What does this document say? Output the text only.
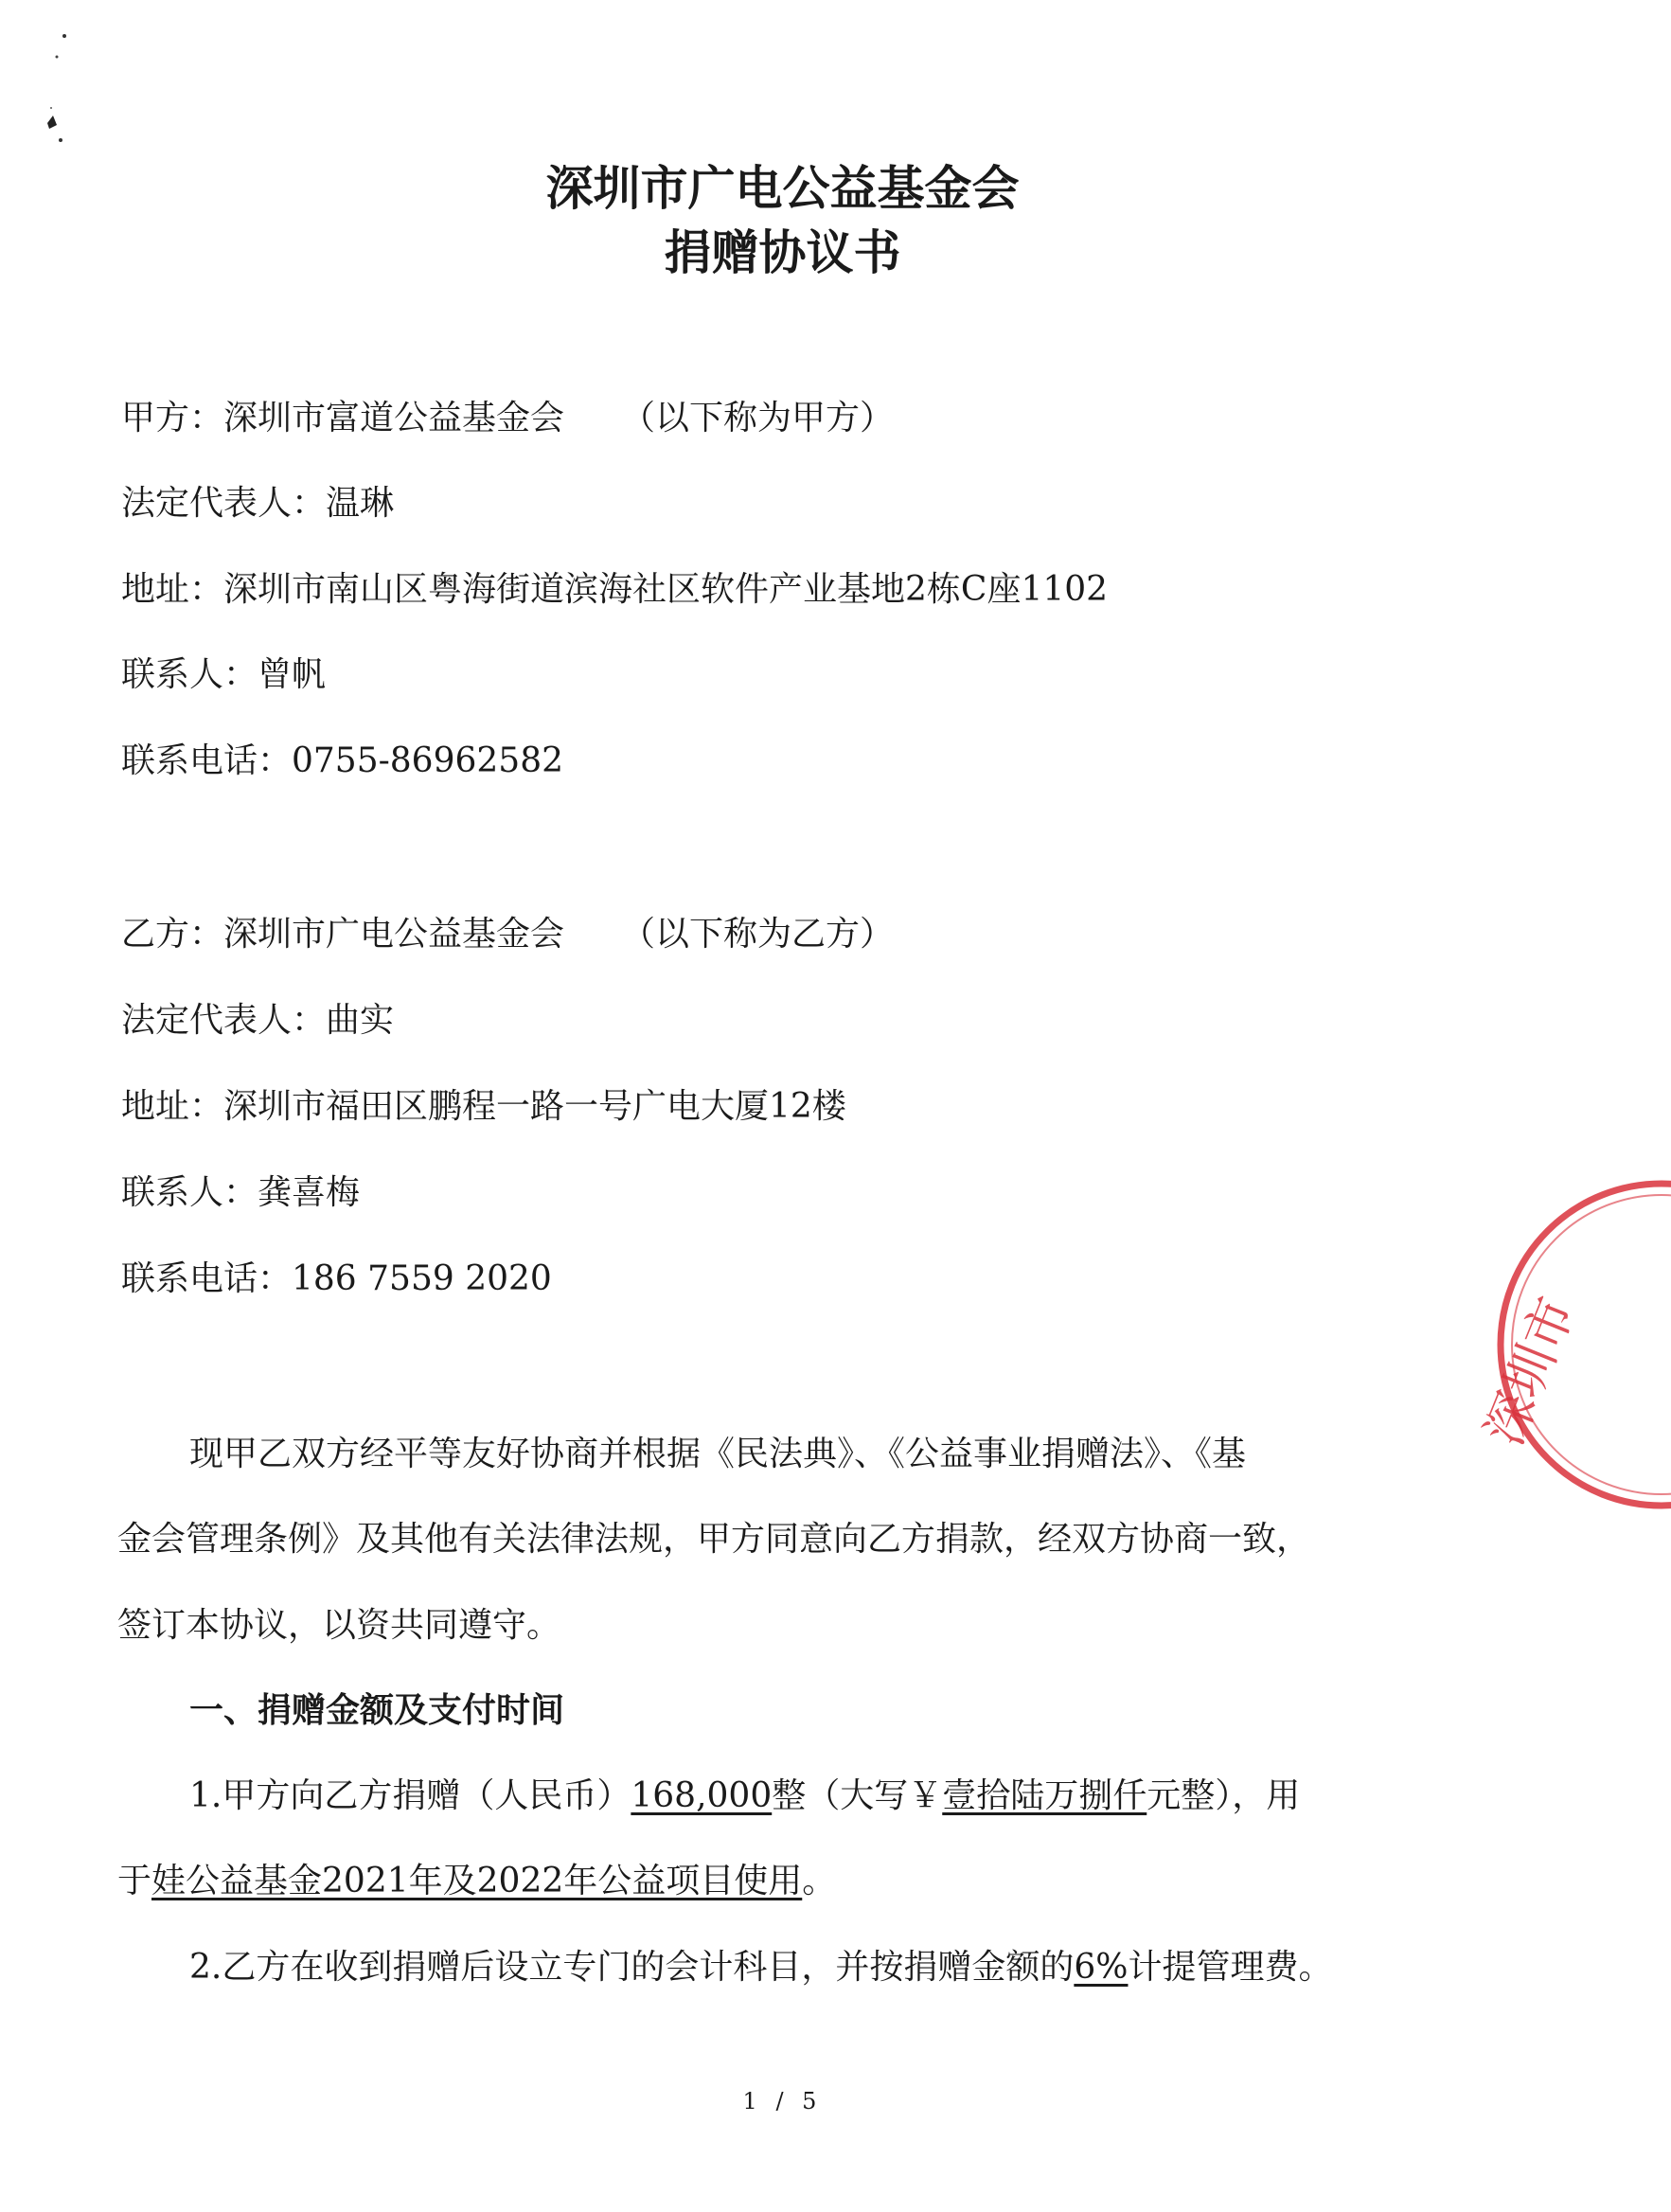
深圳市广电公益基金会
捐赠协议书
甲方：深圳市富道公益基金会 （以下称为甲方）
法定代表人：温琳
地址：深圳市南山区粤海街道滨海社区软件产业基地2栋C座1102
联系人：曾帆
联系电话：0755-86962582
乙方：深圳市广电公益基金会 （以下称为乙方）
法定代表人：曲实
地址：深圳市福田区鹏程一路一号广电大厦12楼
联系人：龚喜梅
联系电话：186 7559 2020
现甲乙双方经平等友好协商并根据《民法典》、《公益事业捐赠法》、《基
金会管理条例》及其他有关法律法规，甲方同意向乙方捐款，经双方协商一致，
签订本协议，以资共同遵守。
一、捐赠金额及支付时间
1.甲方向乙方捐赠（人民币）168,000整（大写￥壹拾陆万捌仟元整），用
于娃公益基金2021年及2022年公益项目使用。
2.乙方在收到捐赠后设立专门的会计科目，并按捐赠金额的6%计提管理费。
深圳市
1 / 5
